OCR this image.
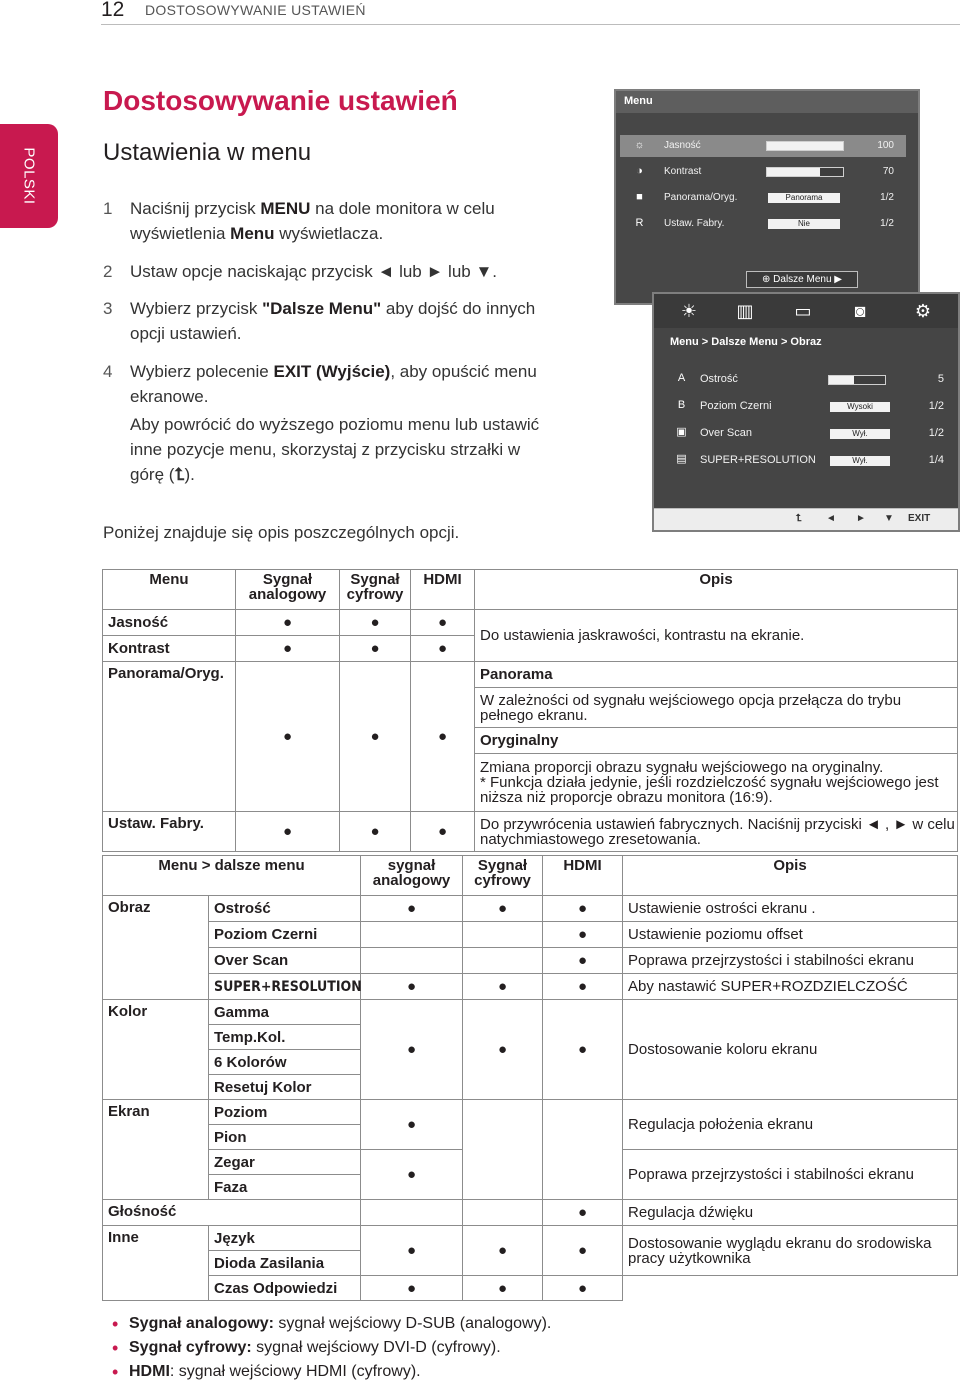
12 DOSTOSOWYWANIE USTAWIEŃ
POLSKI
Dostosowywanie ustawień
Ustawienia w menu
1 Naciśnij przycisk MENU na dole monitora w celu wyświetlenia Menu wyświetlacza.
2 Ustaw opcje naciskając przycisk ◄ lub ► lub ▼.
3 Wybierz przycisk "Dalsze Menu" aby dojść do innych opcji ustawień.
4 Wybierz polecenie EXIT (Wyjście), aby opuścić menu ekranowe.
Aby powrócić do wyższego poziomu menu lub ustawić inne pozycje menu, skorzystaj z przycisku strzałki w górę (⮤).
Poniżej znajduje się opis poszczególnych opcji.
Menu
☼ Jasność	100
◑ Kontrast	70
■ Panorama/Oryg.	Panorama	1/2
R Ustaw. Fabry.	Nie	1/2
⊕ Dalsze Menu ▶
☀ ▥ ▭	◙	⚙
Menu > Dalsze Menu > Obraz
A Ostrość	5
B Poziom Czerni	Wysoki	1/2
▣ Over Scan	Wył.	1/2
▤ SUPER+RESOLUTION	Wył.	1/4
⮤ ◄ ► ▼ EXIT
Menu	Sygnał analogowy	Sygnał cyfrowy	HDMI	Opis
Jasność	●	●	●	Do ustawienia jaskrawości, kontrastu na ekranie.
Kontrast	●	●	●	
Panorama/Oryg.	●	●	●	Panorama
				W zależności od sygnału wejściowego opcja przełącza do trybu pełnego ekranu.
				Oryginalny

				Zmiana proporcji obrazu sygnału wejściowego na oryginalny.
* Funkcja działa jedynie, jeśli rozdzielczość sygnału wejściowego jest niższa niż proporcje obrazu monitora (16:9).

Ustaw. Fabry.	●	●	●	Do przywrócenia ustawień fabrycznych. Naciśnij przyciski ◄ , ► w celu natychmiastowego zresetowania.
Menu > dalsze menu		sygnał analogowy	Sygnał cyfrowy	HDMI	Opis
Obraz	Ostrość	●	●	●	Ustawienie ostrości ekranu .
	Poziom Czerni			●	Ustawienie poziomu offset
	Over Scan			●	Poprawa przejrzystości i stabilności ekranu
	SUPER+RESOLUTION	●	●	●	Aby nastawić SUPER+ROZDZIELCZOŚĆ
Kolor	Gamma	●	●	●	Dostosowanie koloru ekranu
	Temp.Kol.				
	6 Kolorów				
	Resetuj Kolor				
Ekran	Poziom	●			Regulacja położenia ekranu
	Pion				
	Zegar	●			Poprawa przejrzystości i stabilności ekranu
	Faza				
Głośność				●	Regulacja dźwięku
Inne	Język	●	●	●	Dostosowanie wyglądu ekranu do srodowiska pracy użytkownika
	Dioda Zasilania				
	Czas Odpowiedzi	●	●	●	
• Sygnał analogowy: sygnał wejściowy D-SUB (analogowy).
• Sygnał cyfrowy: sygnał wejściowy DVI-D (cyfrowy).
• HDMI: sygnał wejściowy HDMI (cyfrowy).
